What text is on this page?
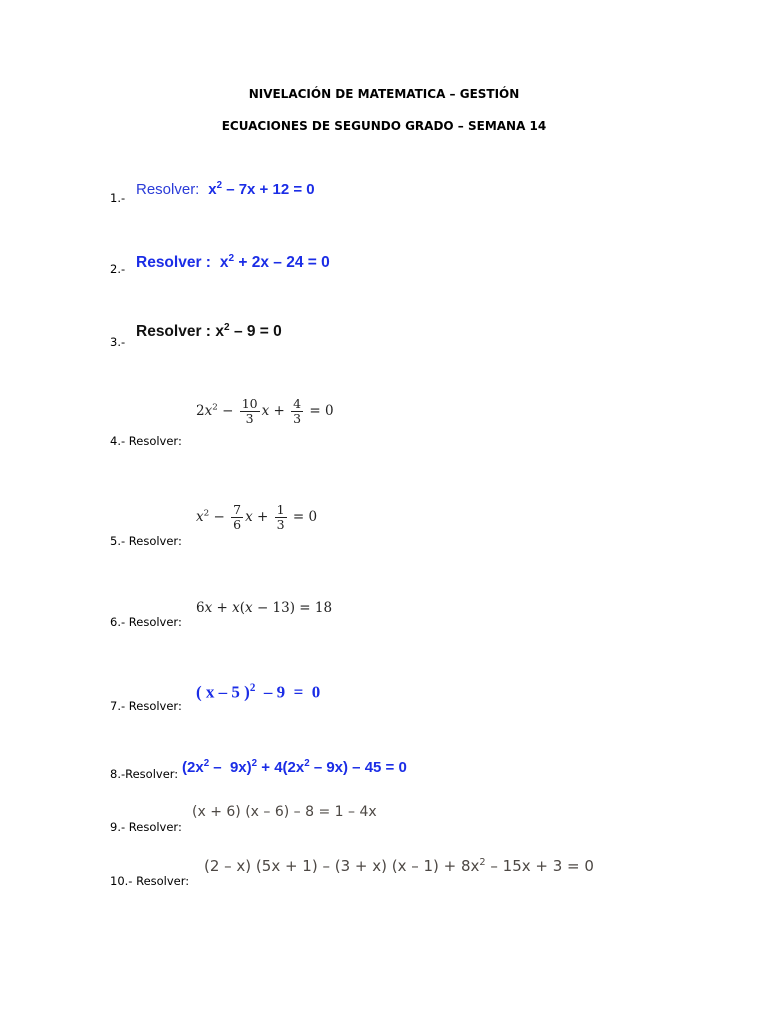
NIVELACIÓN DE MATEMATICA – GESTIÓN
ECUACIONES DE SEGUNDO GRADO – SEMANA 14
1.- Resolver: $x^2 - 7x + 12 = 0$
2.- Resolver : $x^2 + 2x - 24 = 0$
3.-
Resolver : $x^2 - 9 = 0$
4.- Resolver:
$2x^2 - \frac{10}{3}$ $x + \frac{4}{3} = 0$
5.- Resolver:
$x^2 - \frac{7}{6}$ $x + \frac{1}{3} = 0$
6.- Resolver:
6x + x(x − 13) = 18
7.- Resolver:
( x – 5 )$^2$  – 9  =  0
8.-Resolver: $(2x^2 - 9x)^2 + 4(2x^2 - 9x) - 45 = 0$
9.- Resolver:
(x + 6) (x – 6) – 8 = 1 – 4x
10.- Resolver:
(2 – x) (5x + 1) – (3 + x) $(x - 1) + 8x^2 - 15x + 3 = 0$
